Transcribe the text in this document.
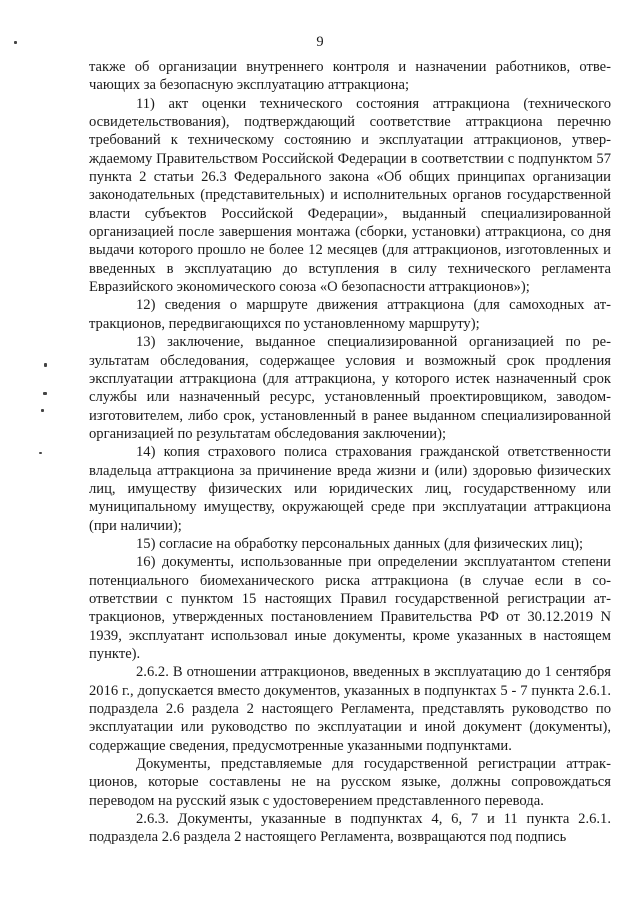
9

также об организации внутреннего контроля и назначении работников, отвечающих за безопасную эксплуатацию аттракциона;

11) акт оценки технического состояния аттракциона (технического освидетельствования), подтверждающий соответствие аттракциона перечню требований к техническому состоянию и эксплуатации аттракционов, утверждаемому Правительством Российской Федерации в соответствии с подпунктом 57 пункта 2 статьи 26.3 Федерального закона «Об общих принципах организации законодательных (представительных) и исполнительных органов государственной власти субъектов Российской Федерации», выданный специализированной организацией после завершения монтажа (сборки, установки) аттракциона, со дня выдачи которого прошло не более 12 месяцев (для аттракционов, изготовленных и введенных в эксплуатацию до вступления в силу технического регламента Евразийского экономического союза «О безопасности аттракционов»);

12) сведения о маршруте движения аттракциона (для самоходных аттракционов, передвигающихся по установленному маршруту);

13) заключение, выданное специализированной организацией по результатам обследования, содержащее условия и возможный срок продления эксплуатации аттракциона (для аттракциона, у которого истек назначенный срок службы или назначенный ресурс, установленный проектировщиком, заводом-изготовителем, либо срок, установленный в ранее выданном специализированной организацией по результатам обследования заключении);

14) копия страхового полиса страхования гражданской ответственности владельца аттракциона за причинение вреда жизни и (или) здоровью физических лиц, имуществу физических или юридических лиц, государственному или муниципальному имуществу, окружающей среде при эксплуатации аттракциона (при наличии);

15) согласие на обработку персональных данных (для физических лиц);

16) документы, использованные при определении эксплуатантом степени потенциального биомеханического риска аттракциона (в случае если в соответствии с пунктом 15 настоящих Правил государственной регистрации аттракционов, утвержденных постановлением Правительства РФ от 30.12.2019 N 1939, эксплуатант использовал иные документы, кроме указанных в настоящем пункте).

2.6.2. В отношении аттракционов, введенных в эксплуатацию до 1 сентября 2016 г., допускается вместо документов, указанных в подпунктах 5 - 7 пункта 2.6.1. подраздела 2.6 раздела 2 настоящего Регламента, представлять руководство по эксплуатации или руководство по эксплуатации и иной документ (документы), содержащие сведения, предусмотренные указанными подпунктами.

Документы, представляемые для государственной регистрации аттракционов, которые составлены не на русском языке, должны сопровождаться переводом на русский язык с удостоверением представленного перевода.

2.6.3. Документы, указанные в подпунктах 4, 6, 7 и 11 пункта 2.6.1. подраздела 2.6 раздела 2 настоящего Регламента, возвращаются под подпись
